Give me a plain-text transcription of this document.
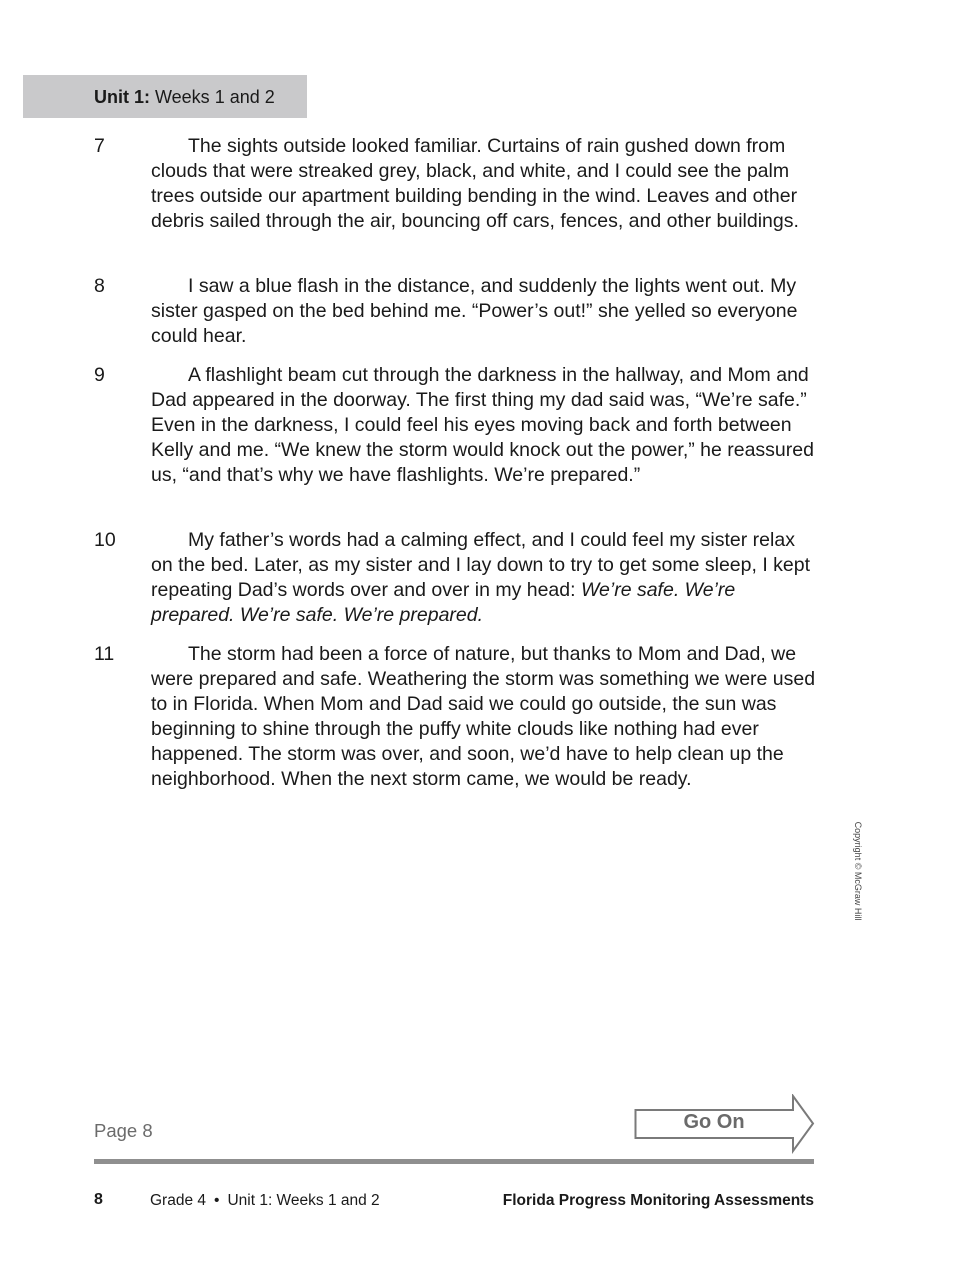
Unit 1: Weeks 1 and 2
7	The sights outside looked familiar. Curtains of rain gushed down from clouds that were streaked grey, black, and white, and I could see the palm trees outside our apartment building bending in the wind. Leaves and other debris sailed through the air, bouncing off cars, fences, and other buildings.
8	I saw a blue flash in the distance, and suddenly the lights went out. My sister gasped on the bed behind me. “Power’s out!” she yelled so everyone could hear.
9	A flashlight beam cut through the darkness in the hallway, and Mom and Dad appeared in the doorway. The first thing my dad said was, “We’re safe.” Even in the darkness, I could feel his eyes moving back and forth between Kelly and me. “We knew the storm would knock out the power,” he reassured us, “and that’s why we have flashlights. We’re prepared.”
10	My father’s words had a calming effect, and I could feel my sister relax on the bed. Later, as my sister and I lay down to try to get some sleep, I kept repeating Dad’s words over and over in my head: We’re safe. We’re prepared. We’re safe. We’re prepared.
11	The storm had been a force of nature, but thanks to Mom and Dad, we were prepared and safe. Weathering the storm was something we were used to in Florida. When Mom and Dad said we could go outside, the sun was beginning to shine through the puffy white clouds like nothing had ever happened. The storm was over, and soon, we’d have to help clean up the neighborhood. When the next storm came, we would be ready.
Copyright © McGraw Hill
Page 8	Go On
8	Grade 4 • Unit 1: Weeks 1 and 2	Florida Progress Monitoring Assessments
